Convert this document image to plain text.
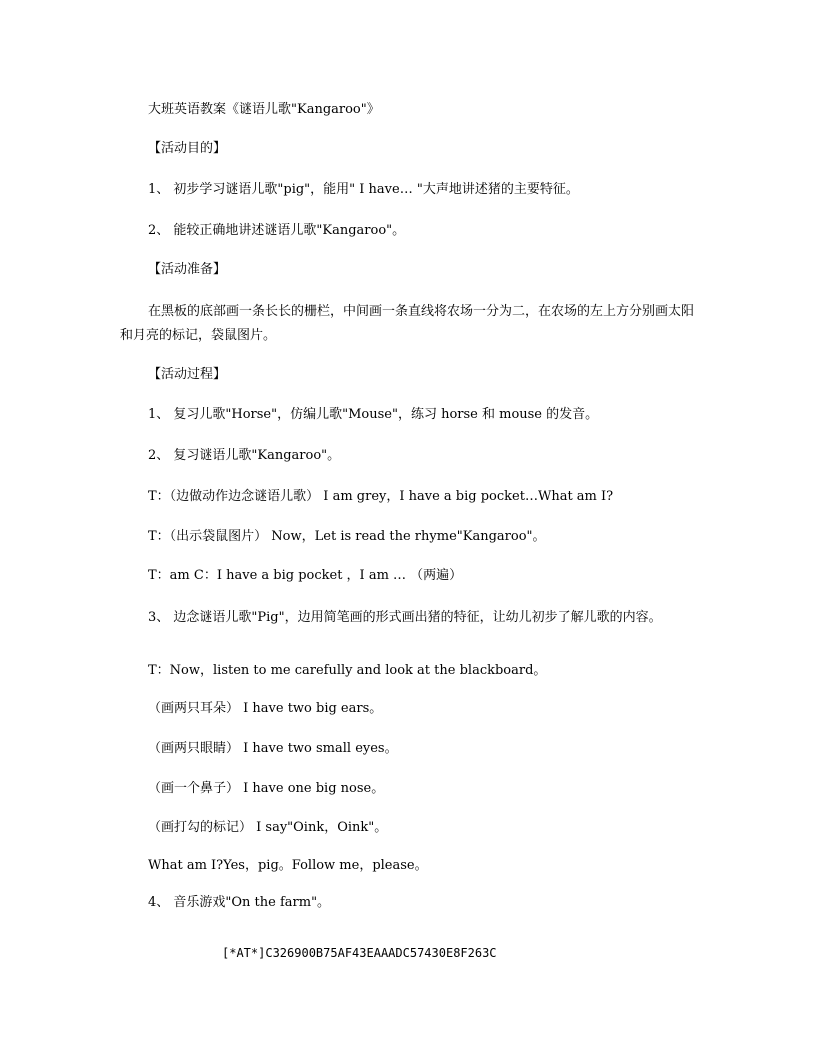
大班英语教案《谜语儿歌"Kangaroo"》
【活动目的】
1、 初步学习谜语儿歌"pig"，能用" I have… "大声地讲述猪的主要特征。
2、 能较正确地讲述谜语儿歌"Kangaroo"。
【活动准备】
在黑板的底部画一条长长的栅栏，中间画一条直线将农场一分为二，在农场的左上方分别画太阳和月亮的标记，袋鼠图片。
【活动过程】
1、 复习儿歌"Horse"，仿编儿歌"Mouse"，练习 horse 和 mouse 的发音。
2、 复习谜语儿歌"Kangaroo"。
T：（边做动作边念谜语儿歌） I am grey，I have a big pocket…What am I?
T：（出示袋鼠图片） Now，Let is read the rhyme"Kangaroo"。
T：am C：I have a big pocket ，I am … （两遍）
3、 边念谜语儿歌"Pig"，边用简笔画的形式画出猪的特征，让幼儿初步了解儿歌的内容。
T：Now，listen to me carefully and look at the blackboard。
（画两只耳朵） I have two big ears。
（画两只眼睛） I have two small eyes。
（画一个鼻子） I have one big nose。
（画打勾的标记） I say"Oink，Oink"。
What am I?Yes，pig。Follow me，please。
4、 音乐游戏"On the farm"。
[*AT*]C326900B75AF43EAAADC57430E8F263C
